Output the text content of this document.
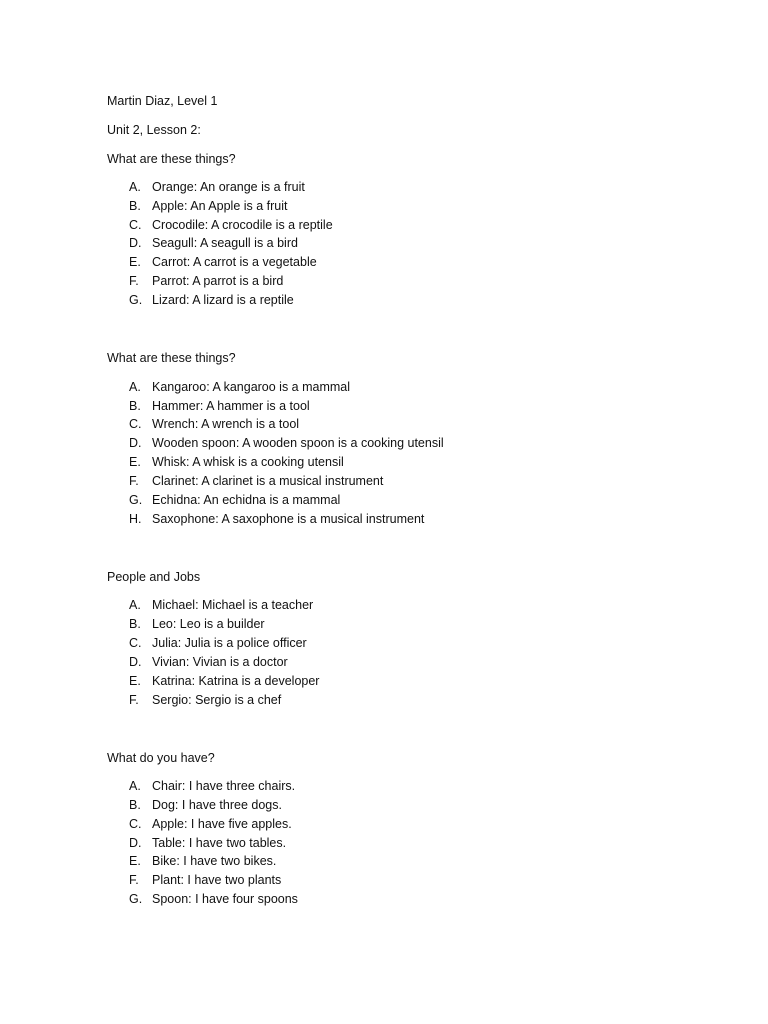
Martin Diaz, Level 1
Unit 2, Lesson 2:
What are these things?
A. Orange: An orange is a fruit
B. Apple: An Apple is a fruit
C. Crocodile: A crocodile is a reptile
D. Seagull: A seagull is a bird
E. Carrot: A carrot is a vegetable
F. Parrot: A parrot is a bird
G. Lizard: A lizard is a reptile
What are these things?
A. Kangaroo: A kangaroo is a mammal
B. Hammer: A hammer is a tool
C. Wrench: A wrench is a tool
D. Wooden spoon: A wooden spoon is a cooking utensil
E. Whisk: A whisk is a cooking utensil
F. Clarinet: A clarinet is a musical instrument
G. Echidna: An echidna is a mammal
H. Saxophone: A saxophone is a musical instrument
People and Jobs
A. Michael: Michael is a teacher
B. Leo: Leo is a builder
C. Julia: Julia is a police officer
D. Vivian: Vivian is a doctor
E. Katrina: Katrina is a developer
F. Sergio: Sergio is a chef
What do you have?
A. Chair: I have three chairs.
B. Dog: I have three dogs.
C. Apple: I have five apples.
D. Table: I have two tables.
E. Bike: I have two bikes.
F. Plant: I have two plants
G. Spoon: I have four spoons
